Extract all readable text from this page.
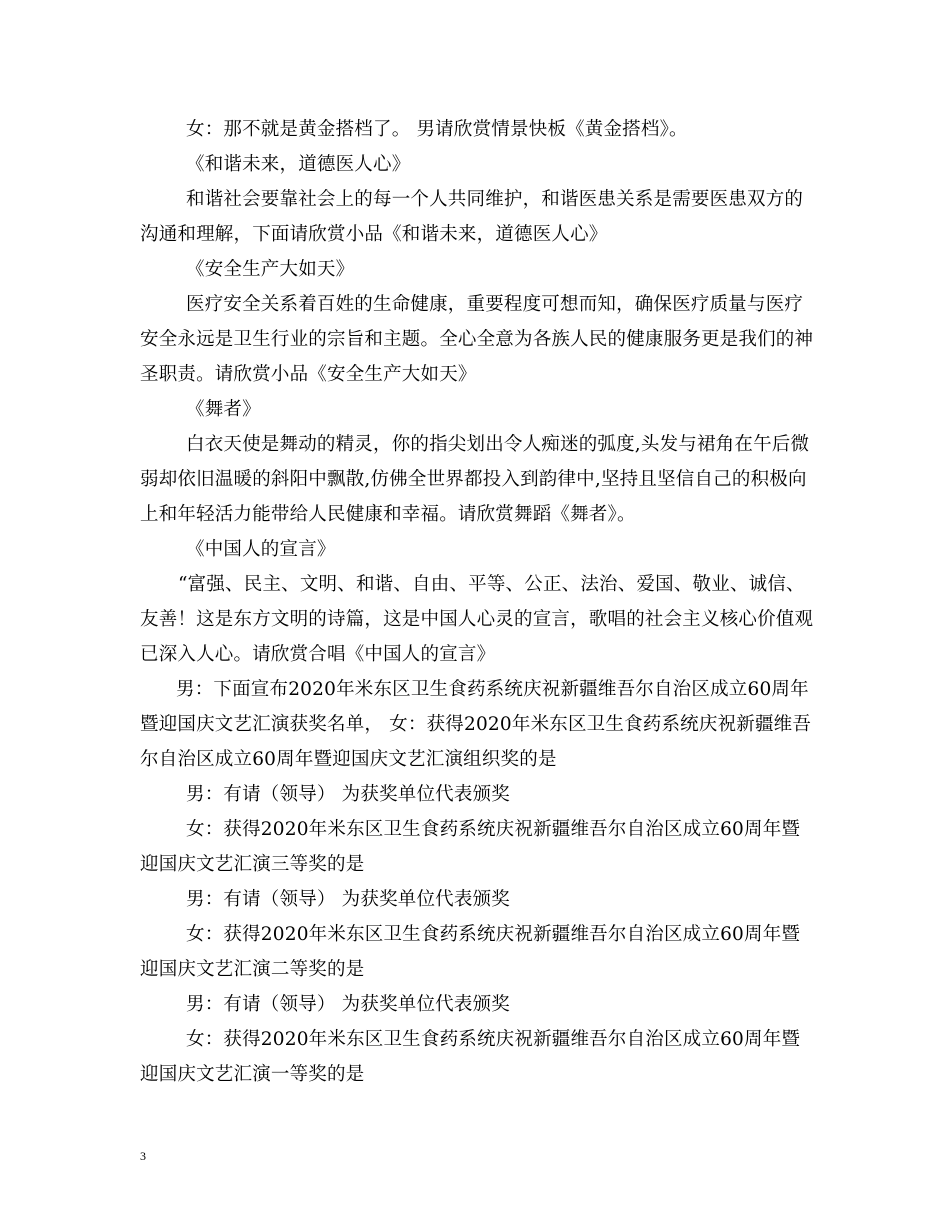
女：那不就是黄金搭档了。 男请欣赏情景快板《黄金搭档》。
《和谐未来，道德医人心》
和谐社会要靠社会上的每一个人共同维护，和谐医患关系是需要医患双方的
沟通和理解，下面请欣赏小品《和谐未来，道德医人心》
《安全生产大如天》
医疗安全关系着百姓的生命健康，重要程度可想而知，确保医疗质量与医疗
安全永远是卫生行业的宗旨和主题。全心全意为各族人民的健康服务更是我们的神
圣职责。请欣赏小品《安全生产大如天》
《舞者》
白衣天使是舞动的精灵，你的指尖划出令人痴迷的弧度,头发与裙角在午后微
弱却依旧温暖的斜阳中飘散,仿佛全世界都投入到韵律中,坚持且坚信自己的积极向
上和年轻活力能带给人民健康和幸福。请欣赏舞蹈《舞者》。
《中国人的宣言》
“富强、民主、文明、和谐、自由、平等、公正、法治、爱国、敬业、诚信、
友善！这是东方文明的诗篇，这是中国人心灵的宣言，歌唱的社会主义核心价值观
已深入人心。请欣赏合唱《中国人的宣言》
男：下面宣布2020年米东区卫生食药系统庆祝新疆维吾尔自治区成立60周年
暨迎国庆文艺汇演获奖名单， 女：获得2020年米东区卫生食药系统庆祝新疆维吾
尔自治区成立60周年暨迎国庆文艺汇演组织奖的是
男：有请（领导） 为获奖单位代表颁奖
女：获得2020年米东区卫生食药系统庆祝新疆维吾尔自治区成立60周年暨
迎国庆文艺汇演三等奖的是
男：有请（领导） 为获奖单位代表颁奖
女：获得2020年米东区卫生食药系统庆祝新疆维吾尔自治区成立60周年暨
迎国庆文艺汇演二等奖的是
男：有请（领导） 为获奖单位代表颁奖
女：获得2020年米东区卫生食药系统庆祝新疆维吾尔自治区成立60周年暨
迎国庆文艺汇演一等奖的是
3
